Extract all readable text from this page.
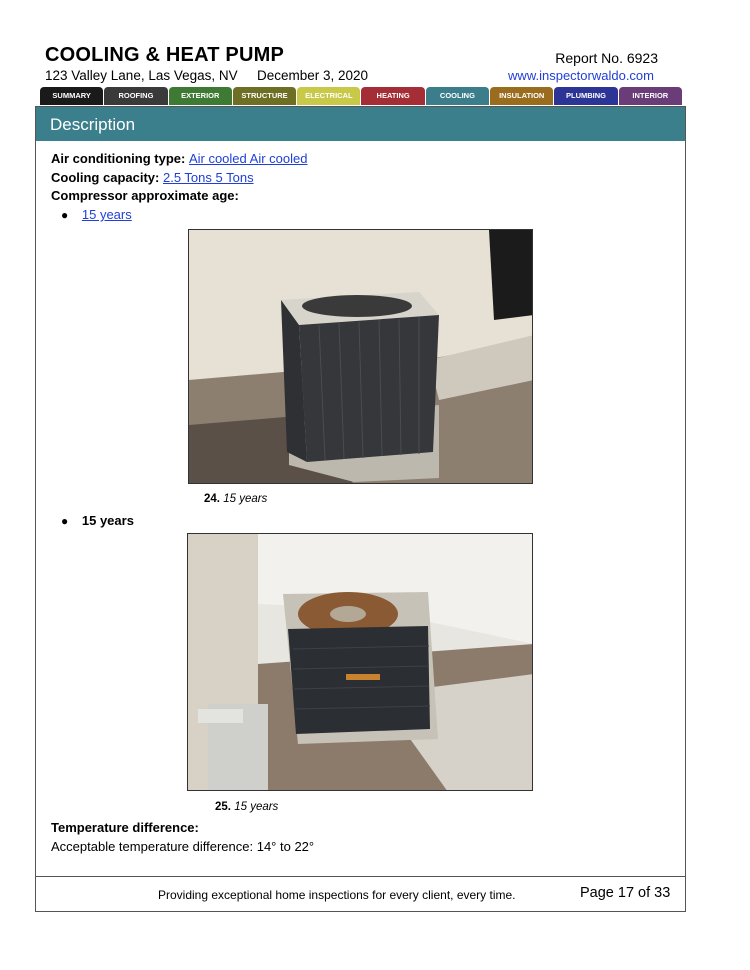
COOLING & HEAT PUMP	Report No. 6923
123 Valley Lane, Las Vegas, NV December 3, 2020	www.inspectorwaldo.com
SUMMARY	ROOFING	EXTERIOR	STRUCTURE	ELECTRICAL	HEATING	COOLING	INSULATION	PLUMBING	INTERIOR
Description
Air conditioning type: Air cooled Air cooled
Cooling capacity: 2.5 Tons 5 Tons
Compressor approximate age:
● 15 years
24. 15 years
● 15 years
25. 15 years
Temperature difference:
Acceptable temperature difference: 14° to 22°
Providing exceptional home inspections for every client, every time.	Page 17 of 33
